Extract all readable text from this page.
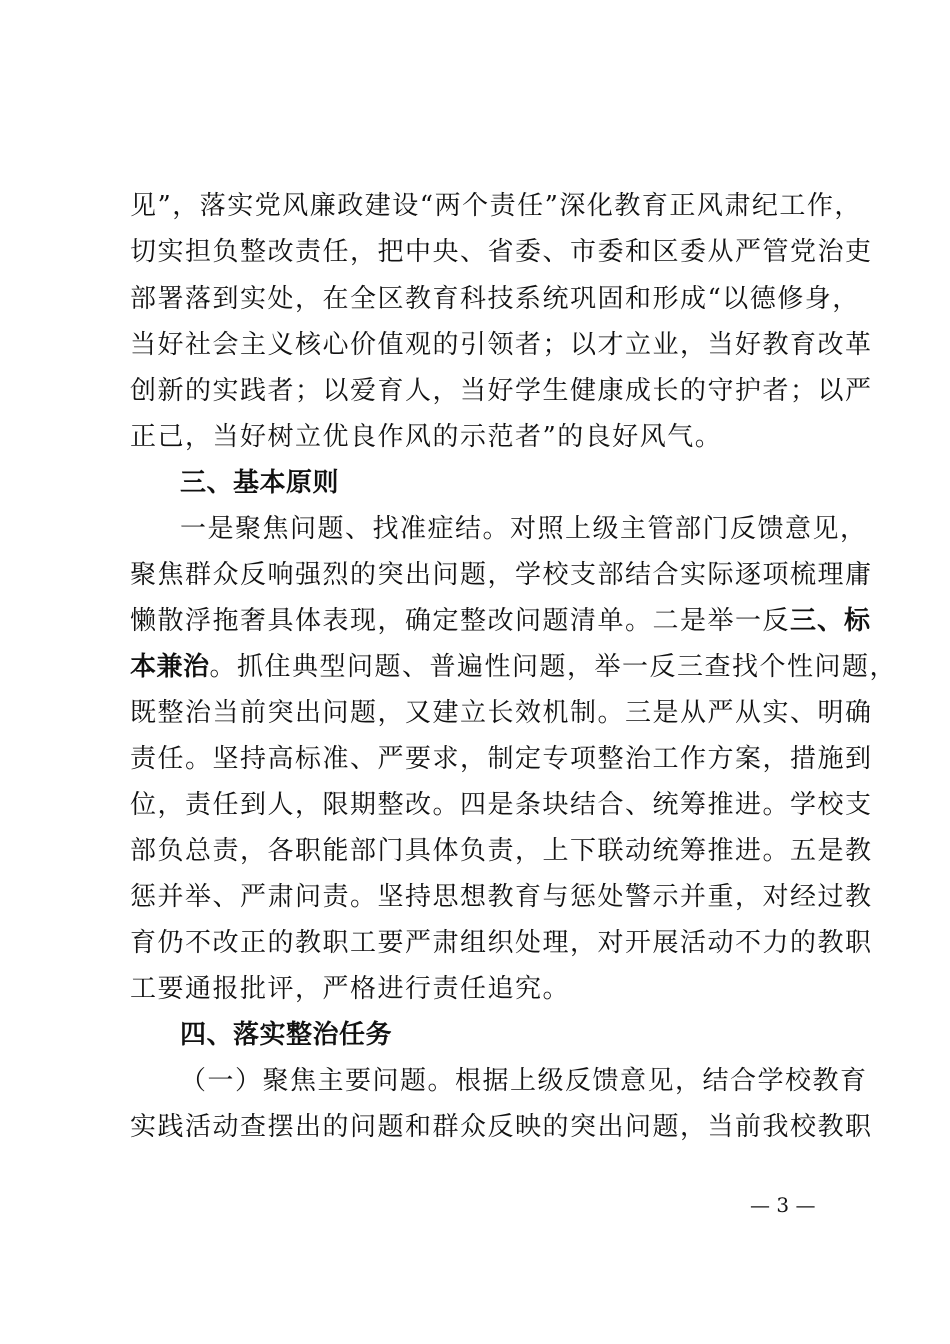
见”，落实党风廉政建设“两个责任”深化教育正风肃纪工作，
切实担负整改责任，把中央、省委、市委和区委从严管党治吏
部署落到实处，在全区教育科技系统巩固和形成“以德修身，
当好社会主义核心价值观的引领者；以才立业，当好教育改革
创新的实践者；以爱育人，当好学生健康成长的守护者；以严
正己，当好树立优良作风的示范者”的良好风气。
三、基本原则
一是聚焦问题、找准症结。对照上级主管部门反馈意见，
聚焦群众反响强烈的突出问题，学校支部结合实际逐项梳理庸
懒散浮拖奢具体表现，确定整改问题清单。二是举一反三、标
本兼治。抓住典型问题、普遍性问题，举一反三查找个性问题，
既整治当前突出问题，又建立长效机制。三是从严从实、明确
责任。坚持高标准、严要求，制定专项整治工作方案，措施到
位，责任到人，限期整改。四是条块结合、统筹推进。学校支
部负总责，各职能部门具体负责，上下联动统筹推进。五是教
惩并举、严肃问责。坚持思想教育与惩处警示并重，对经过教
育仍不改正的教职工要严肃组织处理，对开展活动不力的教职
工要通报批评，严格进行责任追究。
四、落实整治任务
（一）聚焦主要问题。根据上级反馈意见，结合学校教育
实践活动查摆出的问题和群众反映的突出问题，当前我校教职
— 3 —
